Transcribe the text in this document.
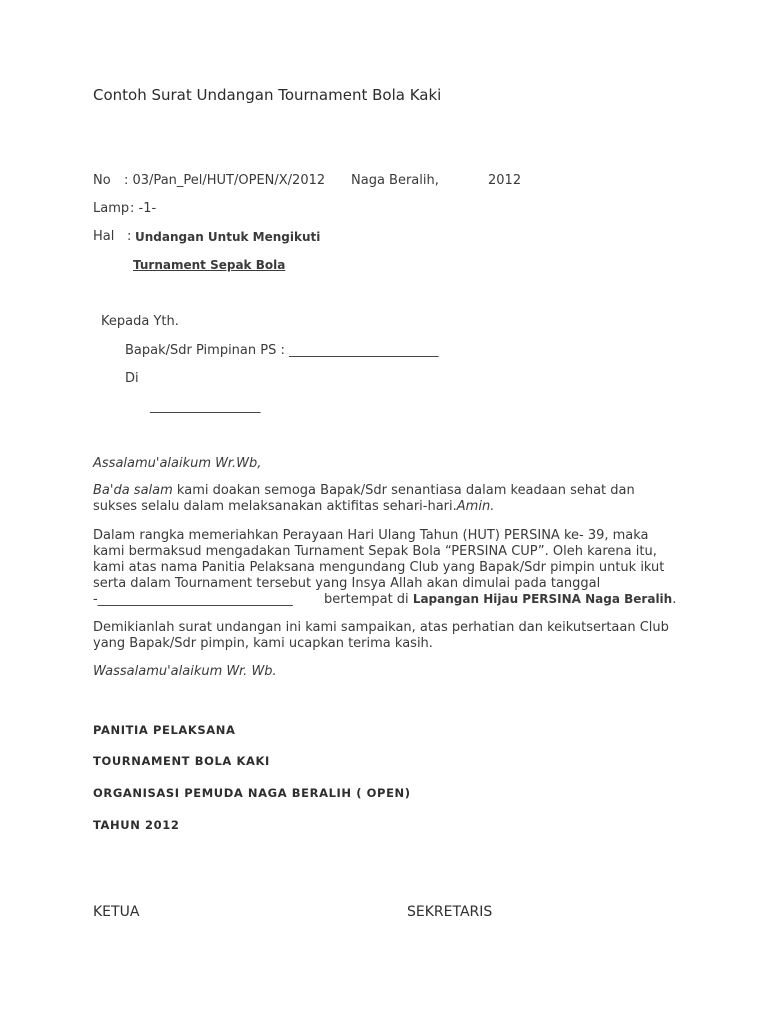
Contoh Surat Undangan Tournament Bola Kaki
No : 03/Pan_Pel/HUT/OPEN/X/2012 Naga Beralih,	2012
Lamp : -1-
Hal : Undangan Untuk Mengikuti
Turnament Sepak Bola
Kepada Yth.
Bapak/Sdr Pimpinan PS : _______________________
Di
_________________
Assalamu'alaikum Wr.Wb,
Ba'da salam kami doakan semoga Bapak/Sdr senantiasa dalam keadaan sehat dan sukses selalu dalam melaksanakan aktifitas sehari-hari.Amin.
Dalam rangka memeriahkan Perayaan Hari Ulang Tahun (HUT) PERSINA ke- 39, maka kami bermaksud mengadakan Turnament Sepak Bola “PERSINA CUP”. Oleh karena itu, kami atas nama Panitia Pelaksana mengundang Club yang Bapak/Sdr pimpin untuk ikut serta dalam Tournament tersebut yang Insya Allah akan dimulai pada tanggal
-______________________________ bertempat di Lapangan Hijau PERSINA Naga Beralih.
Demikianlah surat undangan ini kami sampaikan, atas perhatian dan keikutsertaan Club yang Bapak/Sdr pimpin, kami ucapkan terima kasih.
Wassalamu'alaikum Wr. Wb.
PANITIA PELAKSANA
TOURNAMENT BOLA KAKI
ORGANISASI PEMUDA NAGA BERALIH ( OPEN)
TAHUN 2012
KETUA	SEKRETARIS
